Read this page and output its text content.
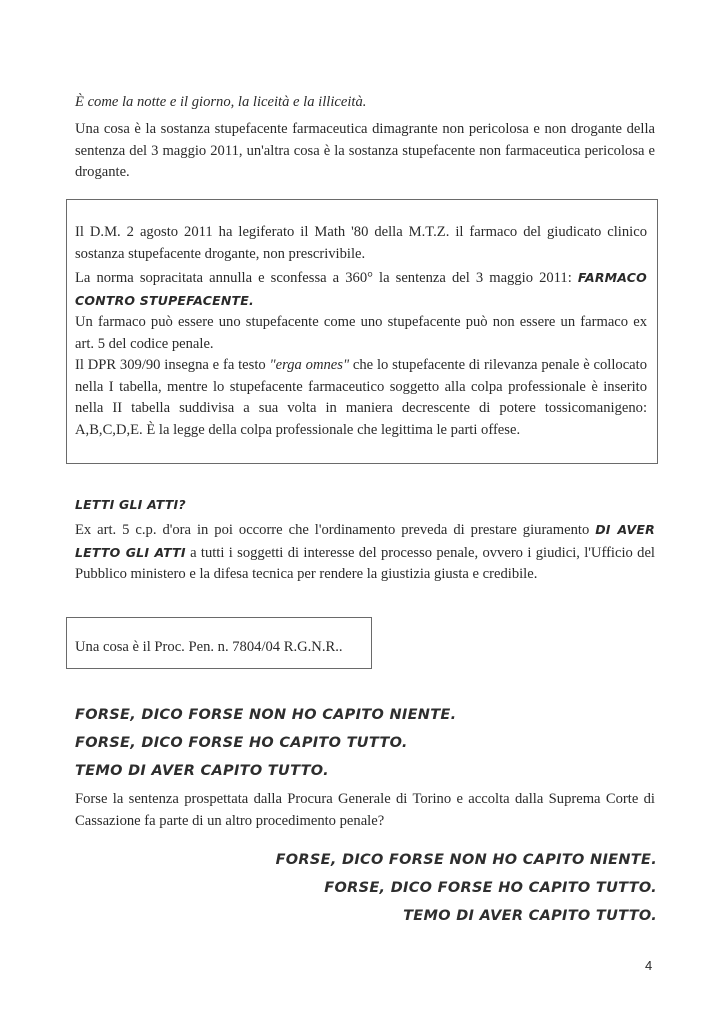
È come la notte e il giorno, la liceità e la illiceità.

Una cosa è la sostanza stupefacente farmaceutica dimagrante non pericolosa e non drogante della sentenza del 3 maggio 2011, un'altra cosa è la sostanza stupefacente non farmaceutica pericolosa e drogante.

Il D.M. 2 agosto 2011 ha legiferato il Math '80 della M.T.Z. il farmaco del giudicato clinico sostanza stupefacente drogante, non prescrivibile.

La norma sopracitata annulla e sconfessa a 360° la sentenza del 3 maggio 2011: FARMACO CONTRO STUPEFACENTE.

Un farmaco può essere uno stupefacente come uno stupefacente può non essere un farmaco ex art. 5 del codice penale.

Il DPR 309/90 insegna e fa testo "erga omnes" che lo stupefacente di rilevanza penale è collocato nella I tabella, mentre lo stupefacente farmaceutico soggetto alla colpa professionale è inserito nella II tabella suddivisa a sua volta in maniera decrescente di potere tossicomanigeno: A,B,C,D,E. È la legge della colpa professionale che legittima le parti offese.

LETTI GLI ATTI?

Ex art. 5 c.p. d'ora in poi occorre che l'ordinamento preveda di prestare giuramento DI AVER LETTO GLI ATTI a tutti i soggetti di interesse del processo penale, ovvero i giudici, l'Ufficio del Pubblico ministero e la difesa tecnica per rendere la giustizia giusta e credibile.

Una cosa è il Proc. Pen. n. 7804/04 R.G.N.R..

FORSE, DICO FORSE NON HO CAPITO NIENTE.
FORSE, DICO FORSE HO CAPITO TUTTO.
TEMO DI AVER CAPITO TUTTO.

Forse la sentenza prospettata dalla Procura Generale di Torino e accolta dalla Suprema Corte di Cassazione fa parte di un altro procedimento penale?

FORSE, DICO FORSE NON HO CAPITO NIENTE.
FORSE, DICO FORSE HO CAPITO TUTTO.
TEMO DI AVER CAPITO TUTTO.
4
